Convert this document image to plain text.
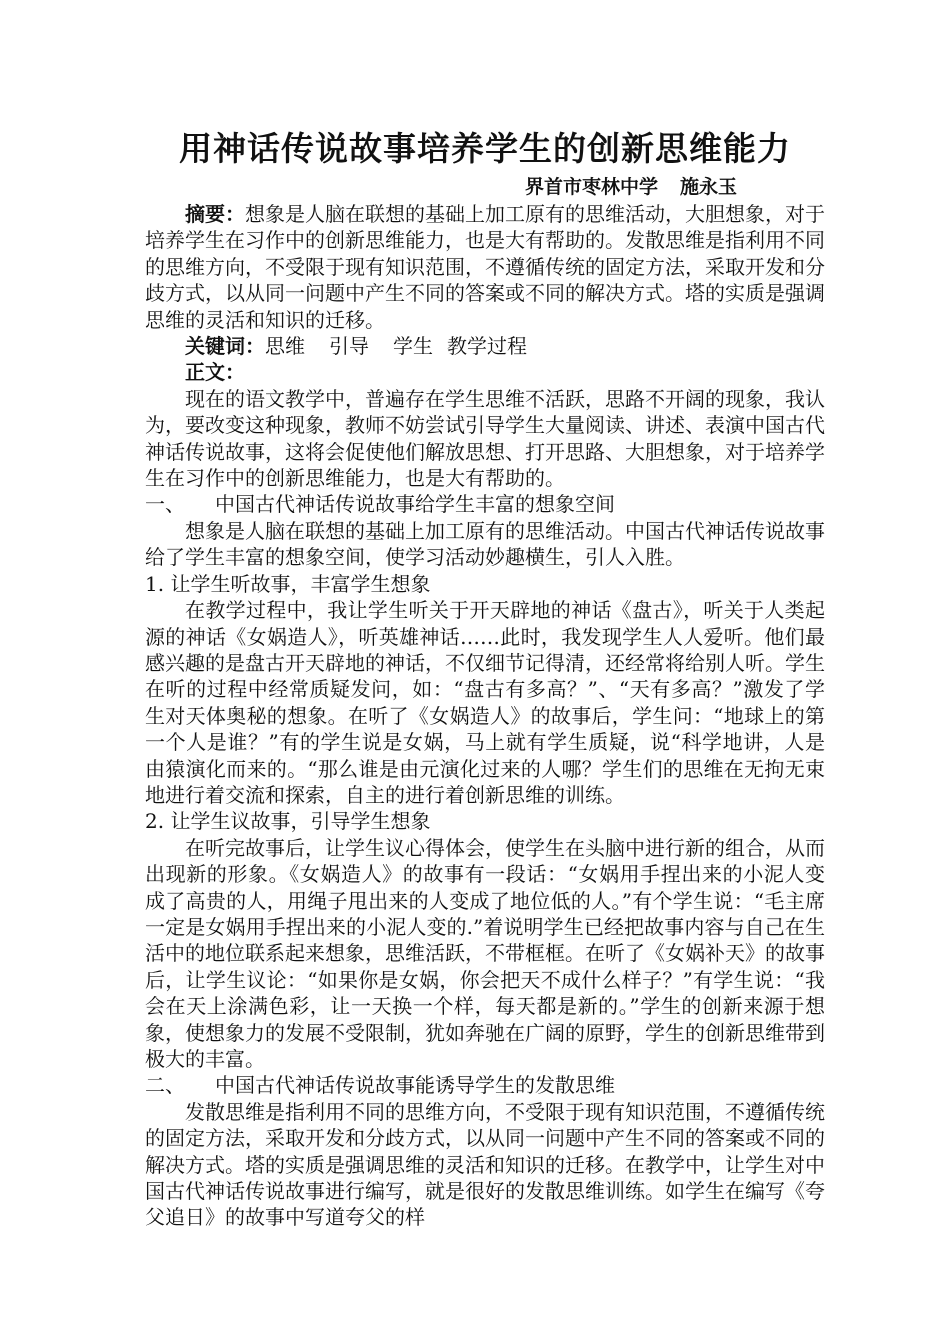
用神话传说故事培养学生的创新思维能力

界首市枣林中学 施永玉

摘要：想象是人脑在联想的基础上加工原有的思维活动，大胆想象，对于培养学生在习作中的创新思维能力，也是大有帮助的。发散思维是指利用不同的思维方向，不受限于现有知识范围，不遵循传统的固定方法，采取开发和分歧方式，以从同一问题中产生不同的答案或不同的解决方式。塔的实质是强调思维的灵活和知识的迁移。

关键词：思维 引导 学生 教学过程

正文：

现在的语文教学中，普遍存在学生思维不活跃，思路不开阔的现象，我认为，要改变这种现象，教师不妨尝试引导学生大量阅读、讲述、表演中国古代神话传说故事，这将会促使他们解放思想、打开思路、大胆想象，对于培养学生在习作中的创新思维能力，也是大有帮助的。

一、 中国古代神话传说故事给学生丰富的想象空间

想象是人脑在联想的基础上加工原有的思维活动。中国古代神话传说故事给了学生丰富的想象空间，使学习活动妙趣横生，引人入胜。

1. 让学生听故事，丰富学生想象

在教学过程中，我让学生听关于开天辟地的神话《盘古》，听关于人类起源的神话《女娲造人》，听英雄神话……此时，我发现学生人人爱听。他们最感兴趣的是盘古开天辟地的神话，不仅细节记得清，还经常将给别人听。学生在听的过程中经常质疑发问，如：“盘古有多高？”、“天有多高？”激发了学生对天体奥秘的想象。在听了《女娲造人》的故事后，学生问：“地球上的第一个人是谁？”有的学生说是女娲，马上就有学生质疑，说“科学地讲，人是由猿演化而来的。“那么谁是由元演化过来的人哪？学生们的思维在无拘无束地进行着交流和探索，自主的进行着创新思维的训练。

2. 让学生议故事，引导学生想象

在听完故事后，让学生议心得体会，使学生在头脑中进行新的组合，从而出现新的形象。《女娲造人》的故事有一段话：“女娲用手捏出来的小泥人变成了高贵的人，用绳子甩出来的人变成了地位低的人。”有个学生说：“毛主席一定是女娲用手捏出来的小泥人变的.”着说明学生已经把故事内容与自己在生活中的地位联系起来想象，思维活跃，不带框框。在听了《女娲补天》的故事后，让学生议论：“如果你是女娲，你会把天不成什么样子？”有学生说：“我会在天上涂满色彩，让一天换一个样，每天都是新的。”学生的创新来源于想象，使想象力的发展不受限制，犹如奔驰在广阔的原野，学生的创新思维带到极大的丰富。

二、 中国古代神话传说故事能诱导学生的发散思维

发散思维是指利用不同的思维方向，不受限于现有知识范围，不遵循传统的固定方法，采取开发和分歧方式，以从同一问题中产生不同的答案或不同的解决方式。塔的实质是强调思维的灵活和知识的迁移。在教学中，让学生对中国古代神话传说故事进行编写，就是很好的发散思维训练。如学生在编写《夸父追日》的故事中写道夸父的样
